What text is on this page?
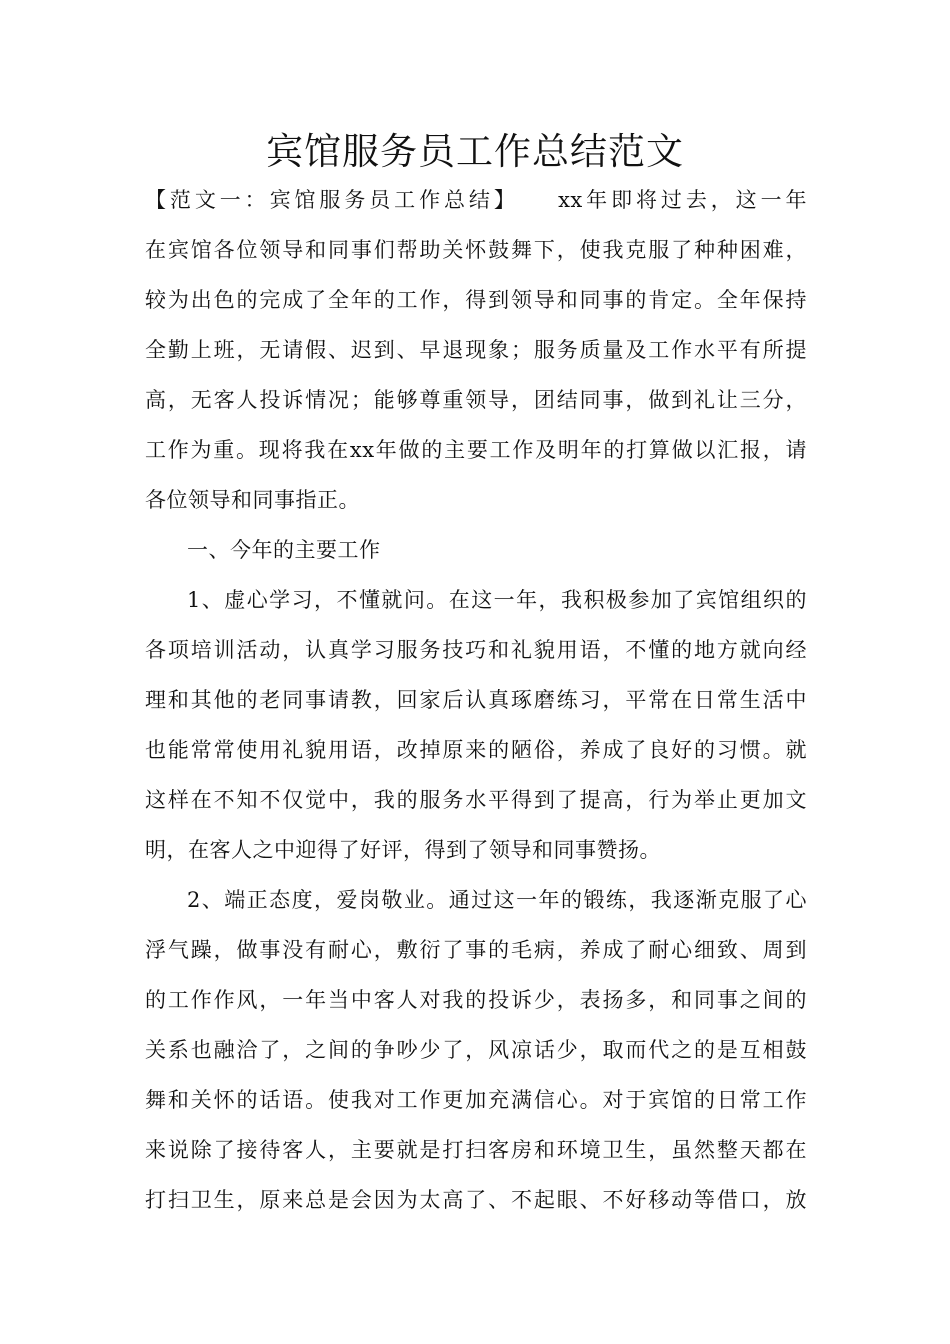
宾馆服务员工作总结范文
【范文一：宾馆服务员工作总结】　　xx年即将过去，这一年
在宾馆各位领导和同事们帮助关怀鼓舞下，使我克服了种种困难，
较为出色的完成了全年的工作，得到领导和同事的肯定。全年保持
全勤上班，无请假、迟到、早退现象；服务质量及工作水平有所提
高，无客人投诉情况；能够尊重领导，团结同事，做到礼让三分，
工作为重。现将我在xx年做的主要工作及明年的打算做以汇报，请
各位领导和同事指正。
一、今年的主要工作
1、虚心学习，不懂就问。在这一年，我积极参加了宾馆组织的
各项培训活动，认真学习服务技巧和礼貌用语，不懂的地方就向经
理和其他的老同事请教，回家后认真琢磨练习，平常在日常生活中
也能常常使用礼貌用语，改掉原来的陋俗，养成了良好的习惯。就
这样在不知不仅觉中，我的服务水平得到了提高，行为举止更加文
明，在客人之中迎得了好评，得到了领导和同事赞扬。
2、端正态度，爱岗敬业。通过这一年的锻练，我逐渐克服了心
浮气躁，做事没有耐心，敷衍了事的毛病，养成了耐心细致、周到
的工作作风，一年当中客人对我的投诉少，表扬多，和同事之间的
关系也融洽了，之间的争吵少了，风凉话少，取而代之的是互相鼓
舞和关怀的话语。使我对工作更加充满信心。对于宾馆的日常工作
来说除了接待客人，主要就是打扫客房和环境卫生，虽然整天都在
打扫卫生，原来总是会因为太高了、不起眼、不好移动等借口，放
